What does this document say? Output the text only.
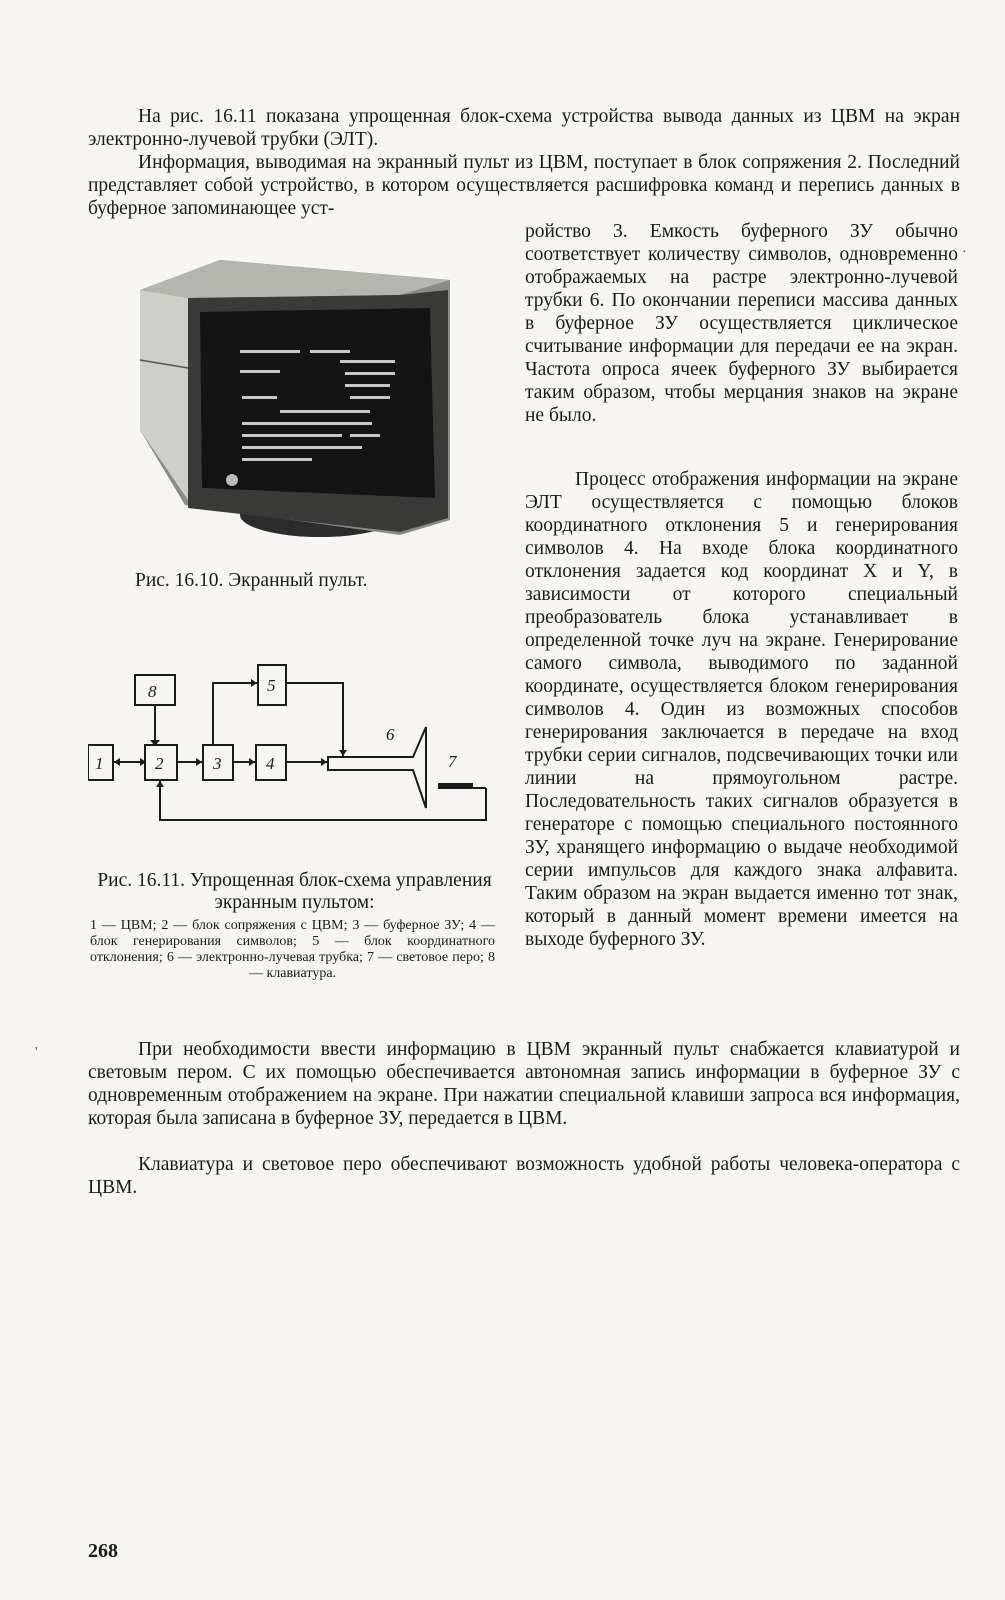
На рис. 16.11 показана упрощенная блок-схема устройства вывода данных из ЦВМ на экран электронно-лучевой трубки (ЭЛТ).

Информация, выводимая на экранный пульт из ЦВМ, поступает в блок сопряжения 2. Последний представляет собой устройство, в котором осуществляется расшифровка команд и перепись данных в буферное запоминающее уст-

Рис. 16.10. Экранный пульт.

ройство 3. Емкость буферного ЗУ обычно соответствует количеству символов, одновременно отображаемых на растре электронно-лучевой трубки 6. По окончании переписи массива данных в буферное ЗУ осуществляется циклическое считывание информации для передачи ее на экран. Частота опроса ячеек буферного ЗУ выбирается таким образом, чтобы мерцания знаков на экране не было.

Процесс отображения информации на экране ЭЛТ осуществляется с помощью блоков координатного отклонения 5 и генерирования символов 4. На входе блока координатного отклонения задается код координат X и Y, в зависимости от которого специальный преобразователь блока устанавливает в определенной точке луч на экране. Генерирование самого символа, выводимого по заданной координате, осуществляется блоком генерирования символов 4. Один из возможных способов генерирования заключается в передаче на вход трубки серии сигналов, подсвечивающих точки или линии на прямоугольном растре. Последовательность таких сигналов образуется в генераторе с помощью специального постоянного ЗУ, хранящего информацию о выдаче необходимой серии импульсов для каждого знака алфавита. Таким образом на экран выдается именно тот знак, который в данный момент времени имеется на выходе буферного ЗУ.

8
1	2	3	4
5
6
7

Рис. 16.11. Упрощенная блок-схема управления экранным пультом:

1 — ЦВМ; 2 — блок сопряжения с ЦВМ; 3 — буферное ЗУ; 4 — блок генерирования символов; 5 — блок координатного отклонения; 6 — электронно-лучевая трубка; 7 — световое перо; 8 — клавиатура.

При необходимости ввести информацию в ЦВМ экранный пульт снабжается клавиатурой и световым пером. С их помощью обеспечивается автономная запись информации в буферное ЗУ с одновременным отображением на экране. При нажатии специальной клавиши запроса вся информация, которая была записана в буферное ЗУ, передается в ЦВМ.

Клавиатура и световое перо обеспечивают возможность удобной работы человека-оператора с ЦВМ.

'
·
268
